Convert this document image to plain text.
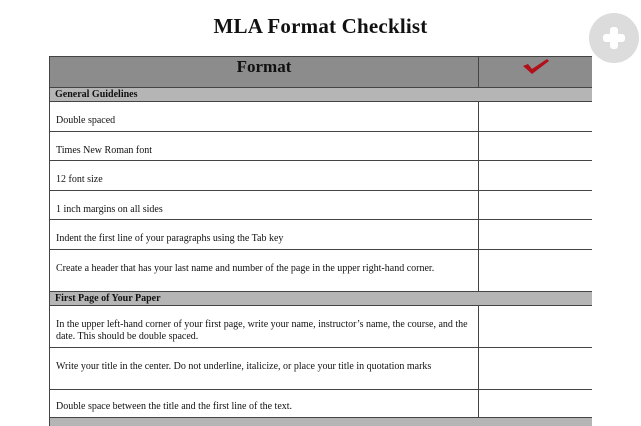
MLA Format Checklist
Format	

General Guidelines	

Double spaced	

Times New Roman font	

12 font size	

1 inch margins on all sides	

Indent the first line of your paragraphs using the Tab key	

Create a header that has your last name and number of the page in the upper right-hand corner.	

First Page of Your Paper	

In the upper left-hand corner of your first page, write your name, instructor’s name, the course, and the date. This should be double spaced.	

Write your title in the center. Do not underline, italicize, or place your title in quotation marks	

Double space between the title and the first line of the text.	
